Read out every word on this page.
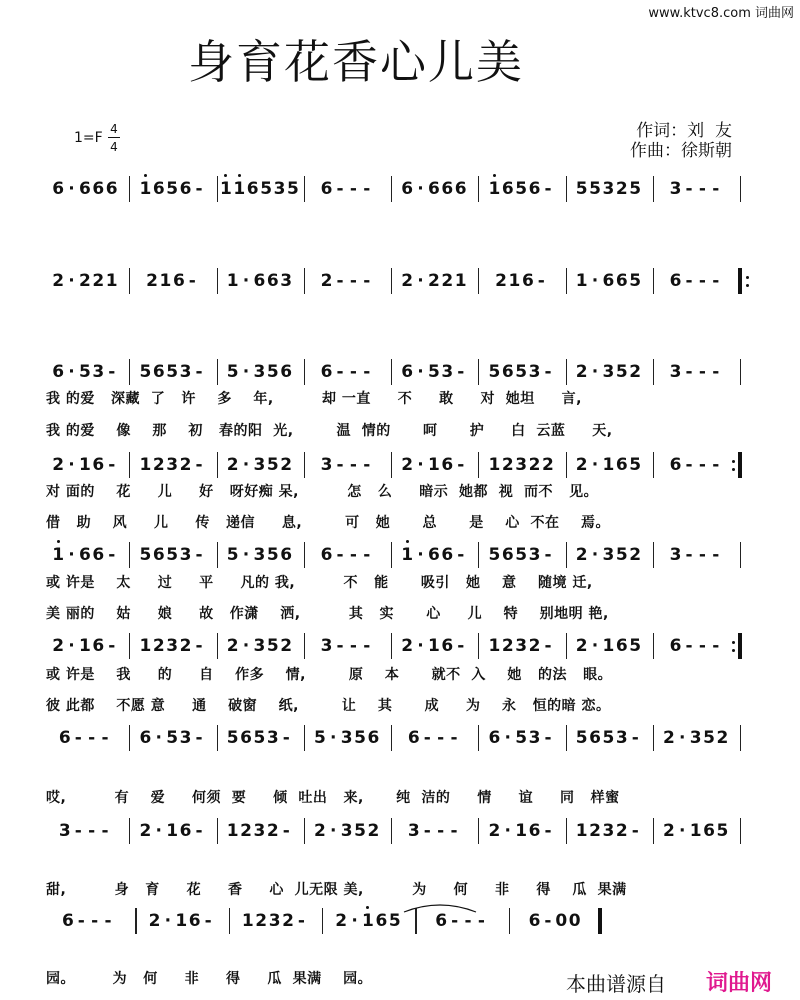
www.ktvc8.com 词曲网
身育花香心儿美
1=F
4
4
作词：刘  友
作曲：徐斯朝
6 · 6 6 6 1 6 5 6 - 1 1 6 5 3 5 6 - - - 6 · 6 6 6 1 6 5 6 - 5 5 3 2 5 3 - - -
2 · 2 2 1 2 1 6 - 1 · 6 6 3 2 - - - 2 · 2 2 1 2 1 6 - 1 · 6 6 5 6 - - -
6 · 5 3 - 5 6 5 3 - 5 · 3 5 6 6 - - - 6 · 5 3 - 5 6 5 3 - 2 · 3 5 2 3 - - -
2 · 1 6 - 1 2 3 2 - 2 · 3 5 2 3 - - - 2 · 1 6 - 1 2 3 2 2 2 · 1 6 5 6 - - -
1 · 6 6 - 5 6 5 3 - 5 · 3 5 6 6 - - - 1 · 6 6 - 5 6 5 3 - 2 · 3 5 2 3 - - -
2 · 1 6 - 1 2 3 2 - 2 · 3 5 2 3 - - - 2 · 1 6 - 1 2 3 2 - 2 · 1 6 5 6 - - -
6 - - - 6 · 5 3 - 5 6 5 3 - 5 · 3 5 6 6 - - - 6 · 5 3 - 5 6 5 3 - 2 · 3 5 2
3 - - - 2 · 1 6 - 1 2 3 2 - 2 · 3 5 2 3 - - - 2 · 1 6 - 1 2 3 2 - 2 · 1 6 5
6 - - - 2 · 1 6 - 1 2 3 2 - 2 · 1 6 5 6 - - -	6 - 0 0
我 的爱   深藏  了   许    多    年,         却 一直     不     敢     对  她坦     言,
我 的爱    像    那    初   春的阳  光,        温  情的      呵      护     白  云蓝     天,
对 面的    花     儿     好   呀好痴 呆,         怎   么     暗示  她都  视  而不   见。
借   助    风     儿     传   递信     息,        可   她      总      是    心  不在    焉。
或 许是    太     过     平     凡的 我,         不   能      吸引   她    意    随境 迁,
美 丽的    姑     娘     故   作潇    洒,         其   实      心     儿    特    别地明 艳,
或 许是    我     的     自    作多    情,        原    本      就不  入    她   的法   眼。
彼 此都    不愿 意     通    破窗    纸,        让    其      成     为    永   恒的暗 恋。
哎,         有    爱     何须  要     倾  吐出   来,      纯  洁的     情     谊     同   样蜜
甜,         身   育     花     香     心  儿无限 美,         为     何     非     得    瓜  果满
园。       为   何     非     得     瓜  果满    园。	本曲谱源自 词曲网
